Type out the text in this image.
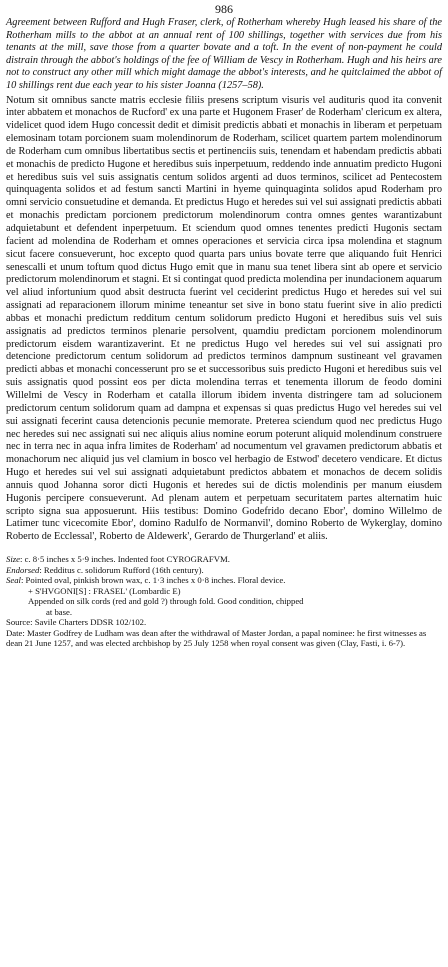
986

Agreement between Rufford and Hugh Fraser, clerk, of Rotherham whereby Hugh leased his share of the Rotherham mills to the abbot at an annual rent of 100 shillings, together with services due from his tenants at the mill, save those from a quarter bovate and a toft. In the event of non-payment he could distrain through the abbot's holdings of the fee of William de Vescy in Rotherham. Hugh and his heirs are not to construct any other mill which might damage the abbot's interests, and he quitclaimed the abbot of 10 shillings rent due each year to his sister Joanna (1257–58).

Notum sit omnibus sancte matris ecclesie filiis presens scriptum visuris vel audituris quod ita convenit inter abbatem et monachos de Rucford' ex una parte et Hugonem Fraser' de Roderham' clericum ex altera, videlicet quod idem Hugo concessit dedit et dimisit predictis abbati et monachis in liberam et perpetuam elemosinam totam porcionem suam molendinorum de Roderham, scilicet quartem partem molendinorum de Roderham cum omnibus libertatibus sectis et pertinenciis suis, tenendam et habendam predictis abbati et monachis de predicto Hugone et heredibus suis inperpetuum, reddendo inde annuatim predicto Hugoni et heredibus suis vel suis assignatis centum solidos argenti ad duos terminos, scilicet ad Pentecostem quinquagenta solidos et ad festum sancti Martini in hyeme quinquaginta solidos apud Roderham pro omni servicio consuetudine et demanda. Et predictus Hugo et heredes sui vel sui assignati predictis abbati et monachis predictam porcionem predictorum molendinorum contra omnes gentes warantizabunt adquietabunt et defendent inperpetuum. Et sciendum quod omnes tenentes predicti Hugonis sectam facient ad molendina de Roderham et omnes operaciones et servicia circa ipsa molendina et stagnum sicut facere consueverunt, hoc excepto quod quarta pars unius bovate terre que aliquando fuit Henrici senescalli et unum toftum quod dictus Hugo emit que in manu sua tenet libera sint ab opere et servicio predictorum molendinorum et stagni. Et si contingat quod predicta molendina per inundacionem aquarum vel aliud infortunium quod absit destructa fuerint vel ceciderint predictus Hugo et heredes sui vel sui assignati ad reparacionem illorum minime teneantur set sive in bono statu fuerint sive in alio predicti abbas et monachi predictum redditum centum solidorum predicto Hugoni et heredibus suis vel suis assignatis ad predictos terminos plenarie persolvent, quamdiu predictam porcionem molendinorum predictorum eisdem warantizaverint. Et ne predictus Hugo vel heredes sui vel sui assignati pro detencione predictorum centum solidorum ad predictos terminos dampnum sustineant vel gravamen predicti abbas et monachi concesserunt pro se et successoribus suis predicto Hugoni et heredibus suis vel suis assignatis quod possint eos per dicta molendina terras et tenementa illorum de feodo domini Willelmi de Vescy in Roderham et catalla illorum ibidem inventa distringere tam ad solucionem predictorum centum solidorum quam ad dampna et expensas si quas predictus Hugo vel heredes sui vel sui assignati fecerint causa detencionis pecunie memorate. Preterea sciendum quod nec predictus Hugo nec heredes sui nec assignati sui nec aliquis alius nomine eorum poterunt aliquid molendinum construere nec in terra nec in aqua infra limites de Roderham' ad nocumentum vel gravamen predictorum abbatis et monachorum nec aliquid jus vel clamium in bosco vel herbagio de Estwod' decetero vendicare. Et dictus Hugo et heredes sui vel sui assignati adquietabunt predictos abbatem et monachos de decem solidis annuis quod Johanna soror dicti Hugonis et heredes sui de dictis molendinis per manum eiusdem Hugonis percipere consueverunt. Ad plenam autem et perpetuam securitatem partes alternatim huic scripto signa sua apposuerunt. Hiis testibus: Domino Godefrido decano Ebor', domino Willelmo de Latimer tunc vicecomite Ebor', domino Radulfo de Normanvil', domino Roberto de Wykerglay, domino Roberto de Ecclessal', Roberto de Aldewerk', Gerardo de Thurgerland' et aliis.

Size: c. 8·5 inches x 5·9 inches. Indented foot CYROGRAFVM.

Endorsed: Redditus c. solidorum Rufford (16th century).

Seal: Pointed oval, pinkish brown wax, c. 1·3 inches x 0·8 inches. Floral device.

+ S'HVGONI[S] : FRASEL' (Lombardic E)

Appended on silk cords (red and gold ?) through fold. Good condition, chipped

at base.

Source: Savile Charters DDSR 102/102.

Date: Master Godfrey de Ludham was dean after the withdrawal of Master Jordan, a papal nominee: he first witnesses as dean 21 June 1257, and was elected archbishop by 25 July 1258 when royal consent was given (Clay, Fasti, i. 6-7).
